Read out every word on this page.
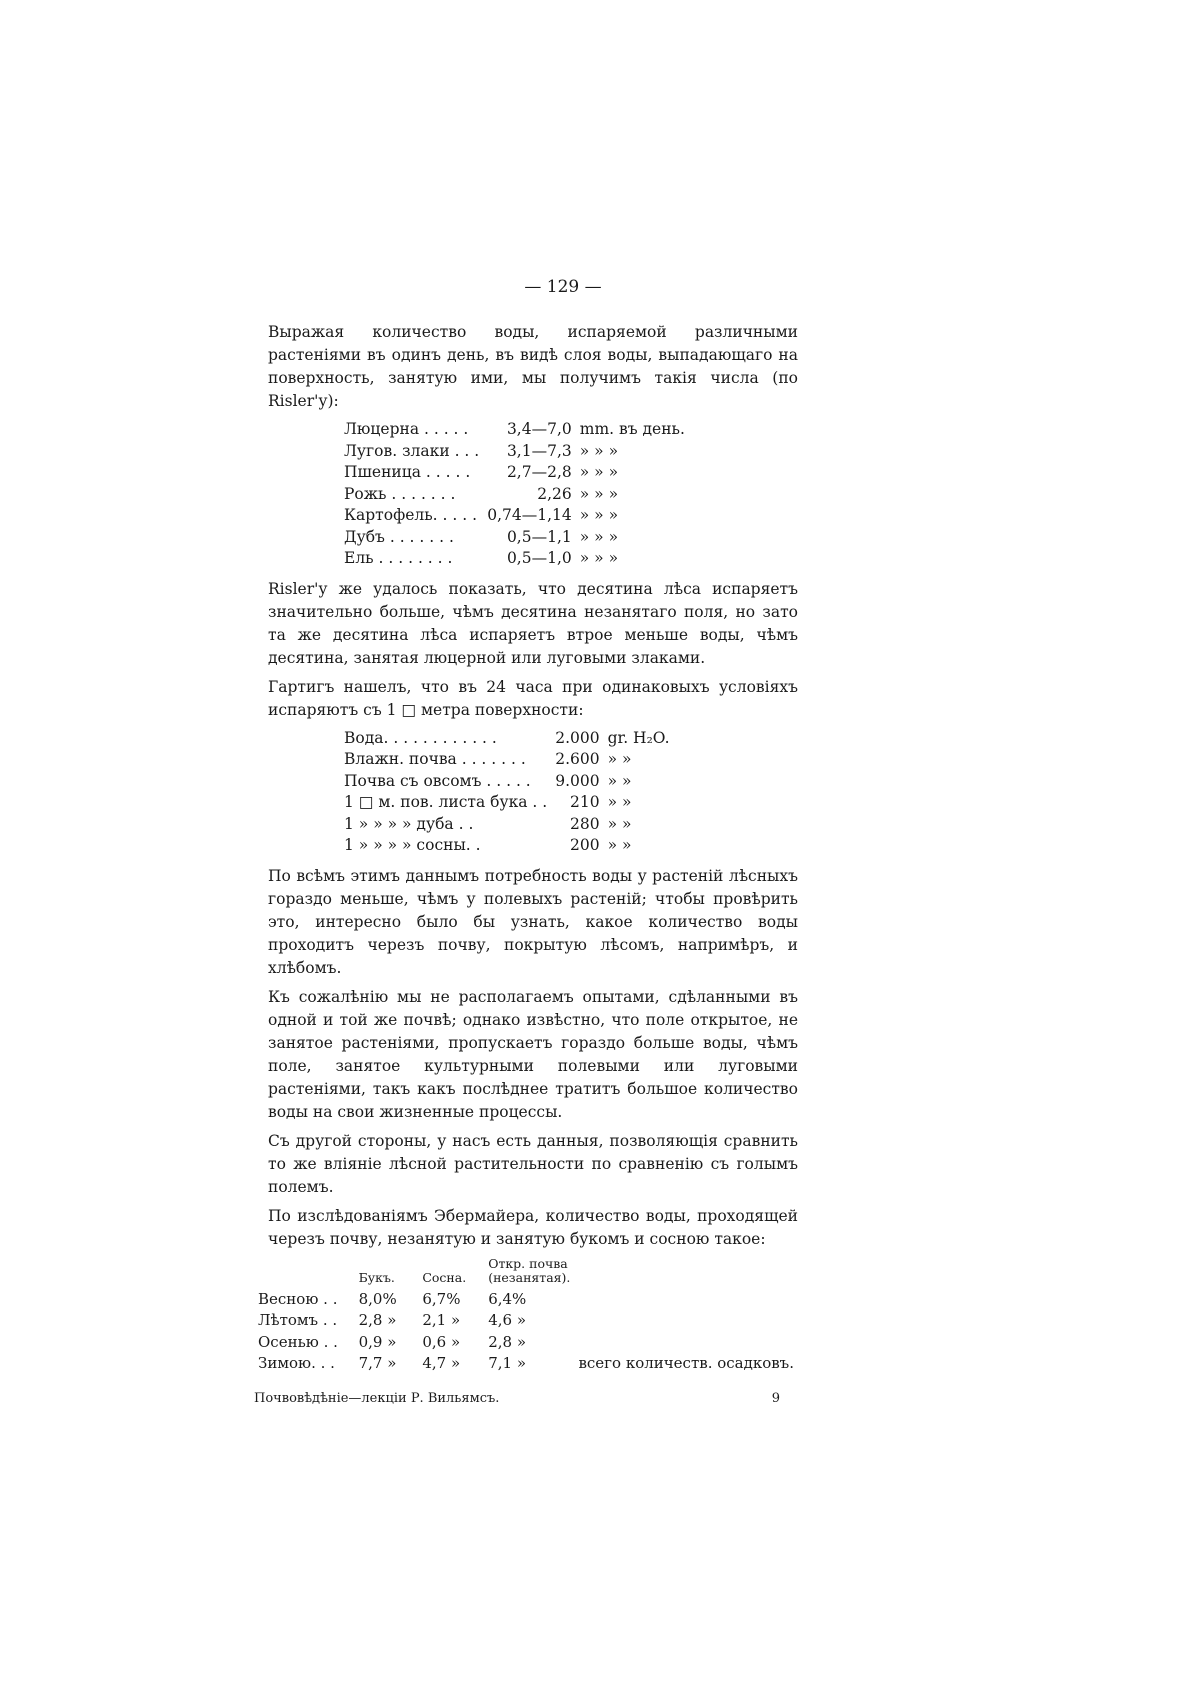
— 129 —

Выражая количество воды, испаряемой различными растеніями въ одинъ день, въ видѣ слоя воды, выпадающаго на поверхность, занятую ими, мы получимъ такія числа (по Risler'у):

Люцерна . . . . .	3,4—7,0	mm. въ день.
Лугов. злаки . . .	3,1—7,3	» » »
Пшеница . . . . .	2,7—2,8	» » »
Рожь . . . . . . .	2,26	» » »
Картофель. . . . .	0,74—1,14	» » »
Дубъ . . . . . . .	0,5—1,1	» » »
Ель . . . . . . . .	0,5—1,0	» » »

Risler'у же удалось показать, что десятина лѣса испаряетъ значительно больше, чѣмъ десятина незанятаго поля, но зато та же десятина лѣса испаряетъ втрое меньше воды, чѣмъ десятина, занятая люцерной или луговыми злаками.

Гартигъ нашелъ, что въ 24 часа при одинаковыхъ условіяхъ испаряютъ съ 1 □ метра поверхности:

Вода. . . . . . . . . . . .	2.000	gr. H₂O.
Влажн. почва . . . . . . .	2.600	» »
Почва съ овсомъ . . . . .	9.000	» »
1 □ м. пов. листа бука . .	210	» »
1 » » » » дуба . .	280	» »
1 » » » » сосны. .	200	» »

По всѣмъ этимъ даннымъ потребность воды у растеній лѣсныхъ гораздо меньше, чѣмъ у полевыхъ растеній; чтобы провѣрить это, интересно было бы узнать, какое количество воды проходитъ черезъ почву, покрытую лѣсомъ, напримѣръ, и хлѣбомъ.

Къ сожалѣнію мы не располагаемъ опытами, сдѣланными въ одной и той же почвѣ; однако извѣстно, что поле открытое, не занятое растеніями, пропускаетъ гораздо больше воды, чѣмъ поле, занятое культурными полевыми или луговыми растеніями, такъ какъ послѣднее тратитъ большое количество воды на свои жизненные процессы.

Съ другой стороны, у насъ есть данныя, позволяющія сравнить то же вліяніе лѣсной растительности по сравненію съ голымъ полемъ.

По изслѣдованіямъ Эбермайера, количество воды, проходящей черезъ почву, незанятую и занятую букомъ и сосною такое:

	Букъ.	Сосна.	Откр. почва (незанятая).	
Весною . .	8,0%	6,7%	6,4%	
Лѣтомъ . .	2,8 »	2,1 »	4,6 »	
Осенью . .	0,9 »	0,6 »	2,8 »	
Зимою. . .	7,7 »	4,7 »	7,1 »	всего количеств. осадковъ.
Почвовѣдѣніе—лекціи Р. Вильямсъ.	9
